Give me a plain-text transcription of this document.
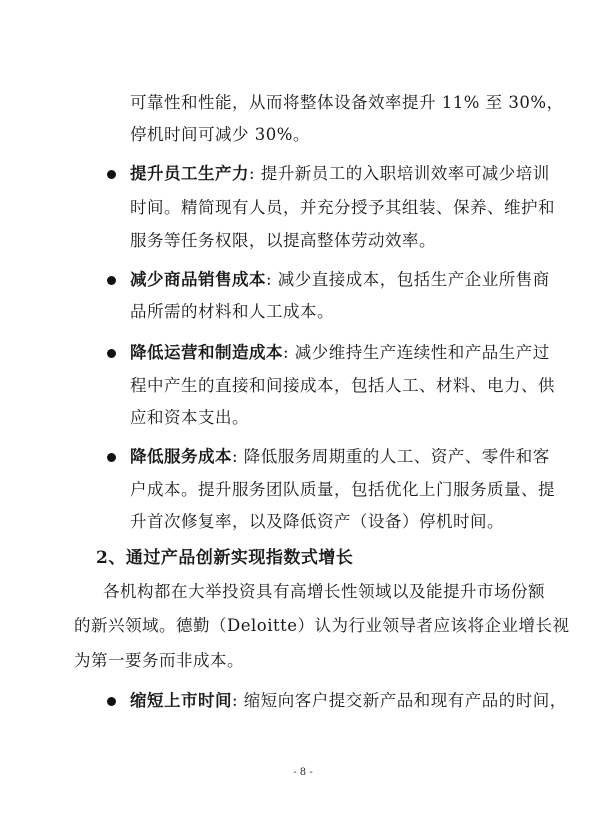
可靠性和性能，从而将整体设备效率提升 11% 至 30%，
停机时间可减少 30%。
提升员工生产力: 提升新员工的入职培训效率可减少培训
时间。精简现有人员，并充分授予其组装、保养、维护和
服务等任务权限，以提高整体劳动效率。
减少商品销售成本: 减少直接成本，包括生产企业所售商
品所需的材料和人工成本。
降低运营和制造成本: 减少维持生产连续性和产品生产过
程中产生的直接和间接成本，包括人工、材料、电力、供
应和资本支出。
降低服务成本: 降低服务周期重的人工、资产、零件和客
户成本。提升服务团队质量，包括优化上门服务质量、提
升首次修复率，以及降低资产（设备）停机时间。
2、通过产品创新实现指数式增长
各机构都在大举投资具有高增长性领域以及能提升市场份额
的新兴领域。德勤（Deloitte）认为行业领导者应该将企业增长视
为第一要务而非成本。
缩短上市时间: 缩短向客户提交新产品和现有产品的时间，
- 8 -
